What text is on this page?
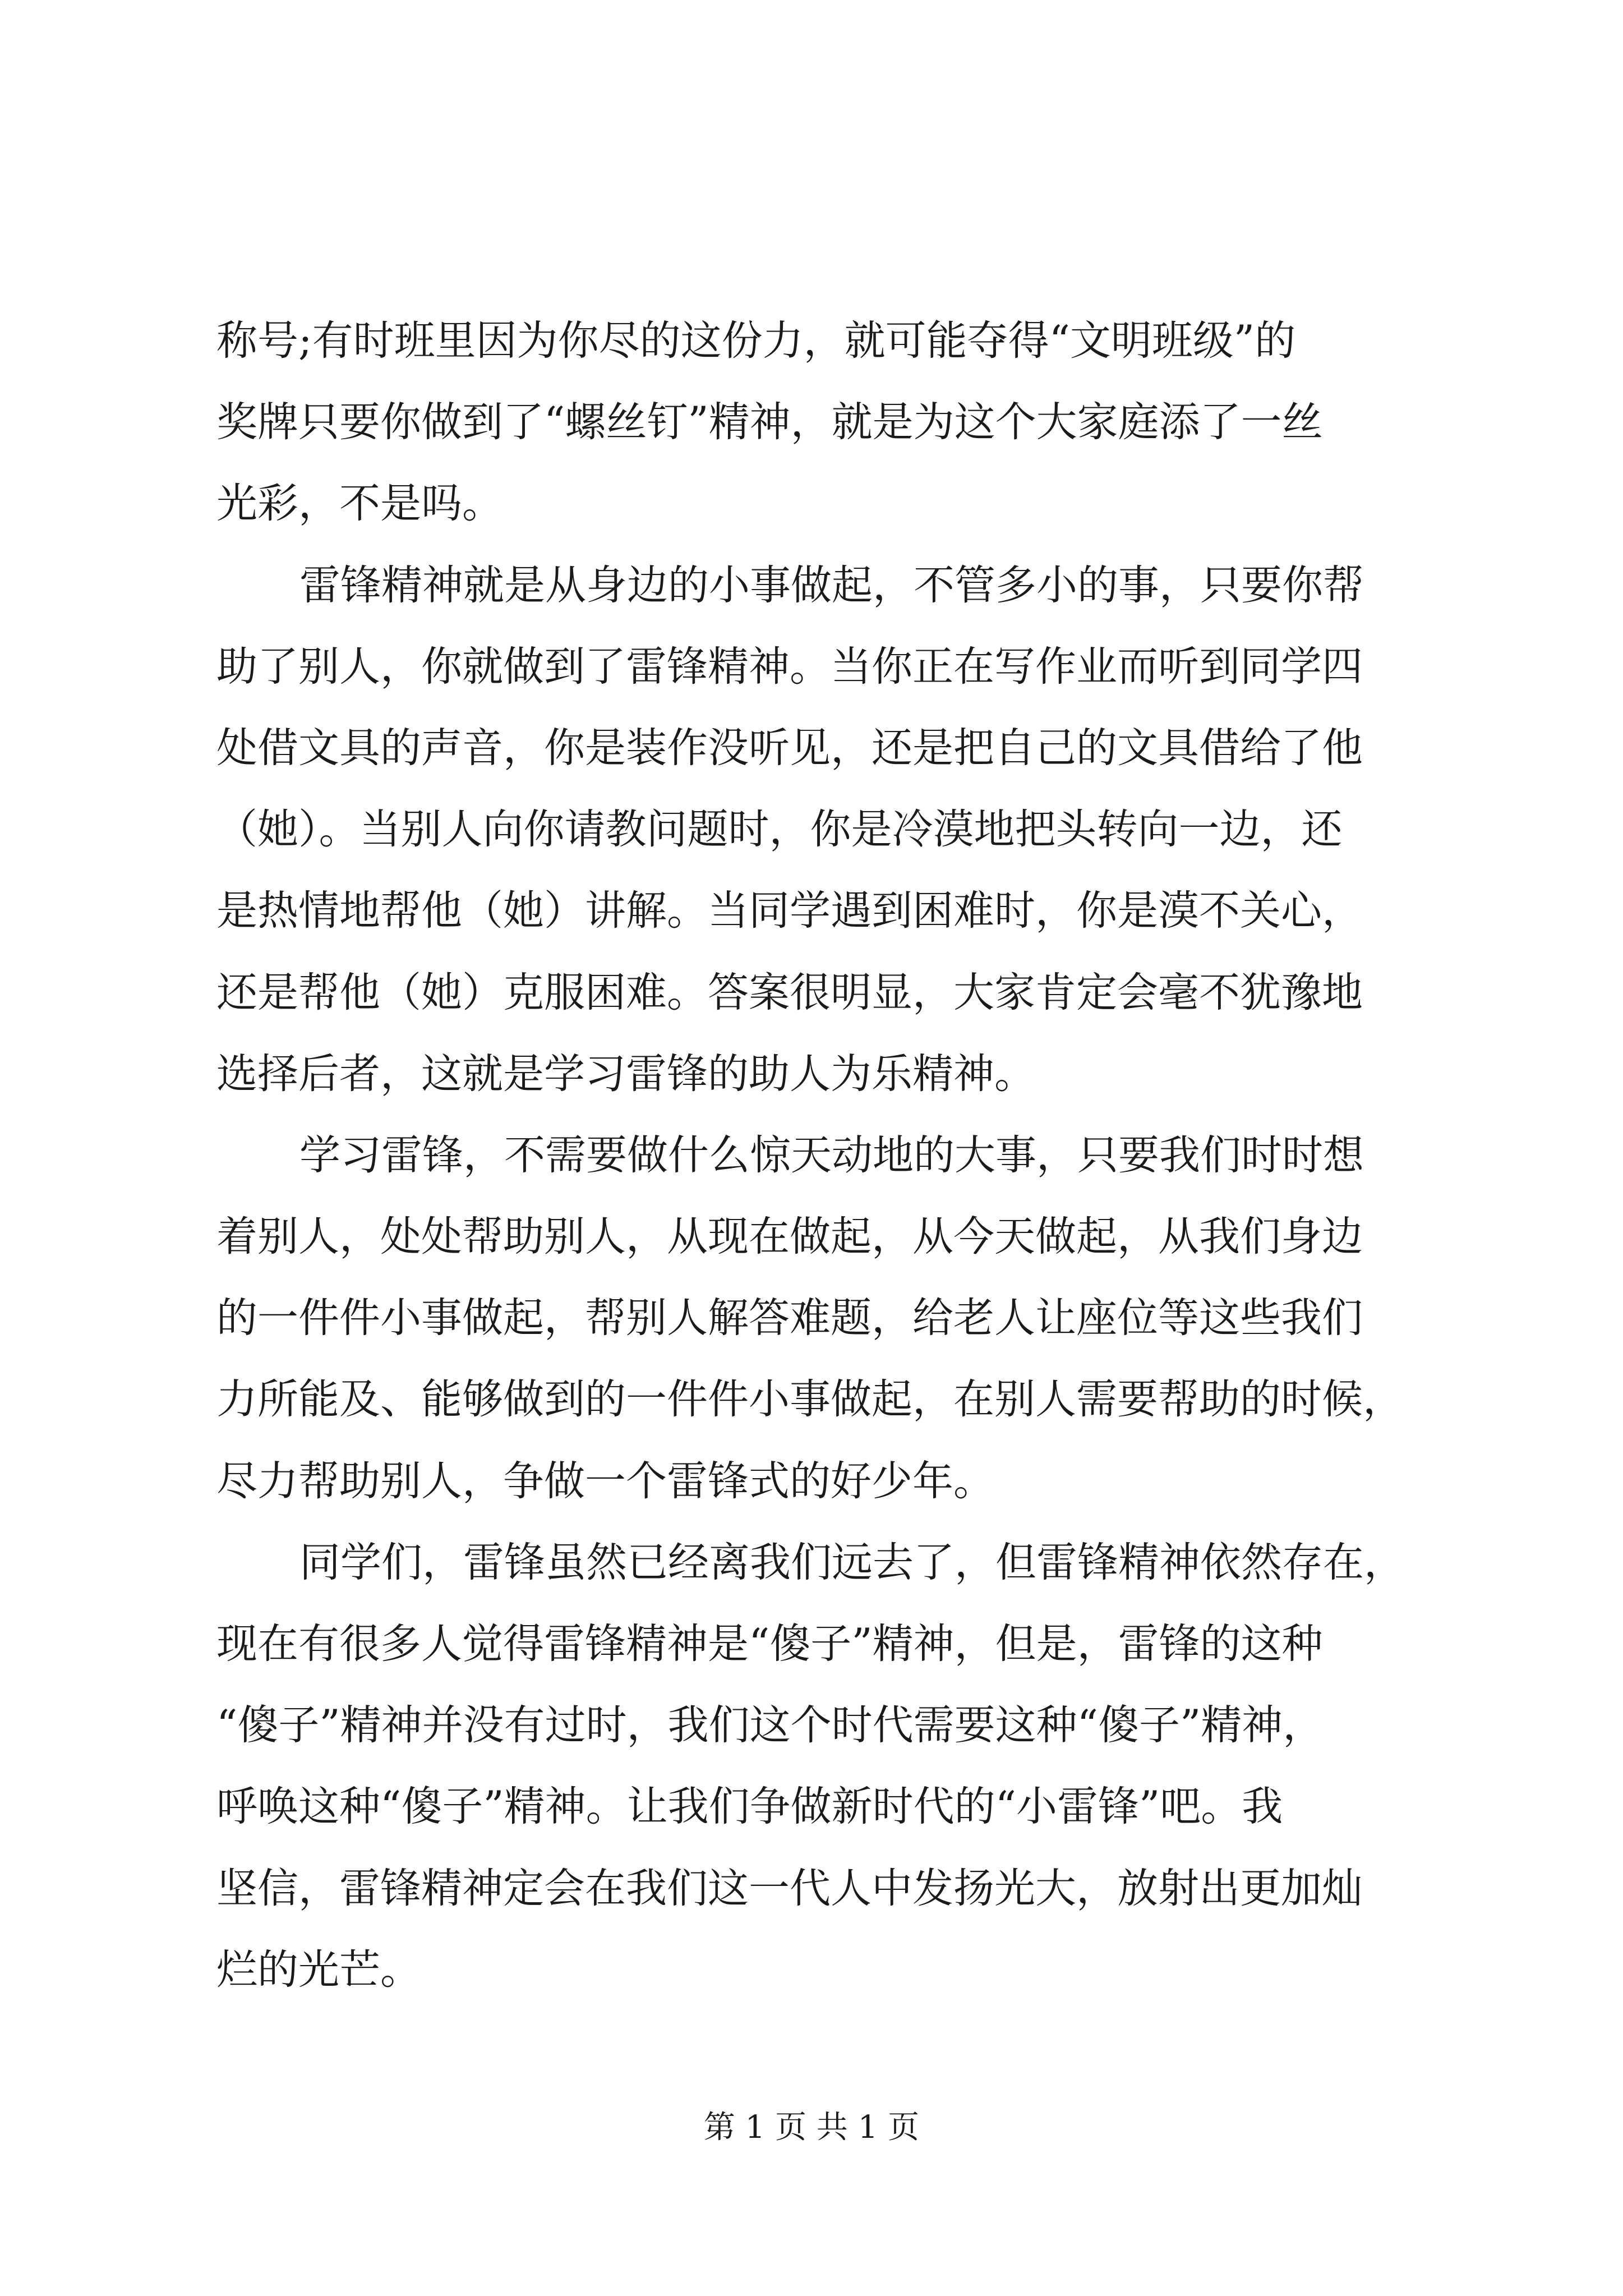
称号;有时班里因为你尽的这份力，就可能夺得“文明班级”的
奖牌只要你做到了“螺丝钉”精神，就是为这个大家庭添了一丝
光彩，不是吗。
雷锋精神就是从身边的小事做起，不管多小的事，只要你帮
助了别人，你就做到了雷锋精神。当你正在写作业而听到同学四
处借文具的声音，你是装作没听见，还是把自己的文具借给了他
（她）。当别人向你请教问题时，你是冷漠地把头转向一边，还
是热情地帮他（她）讲解。当同学遇到困难时，你是漠不关心，
还是帮他（她）克服困难。答案很明显，大家肯定会毫不犹豫地
选择后者，这就是学习雷锋的助人为乐精神。
学习雷锋，不需要做什么惊天动地的大事，只要我们时时想
着别人，处处帮助别人，从现在做起，从今天做起，从我们身边
的一件件小事做起，帮别人解答难题，给老人让座位等这些我们
力所能及、能够做到的一件件小事做起，在别人需要帮助的时候，
尽力帮助别人，争做一个雷锋式的好少年。
同学们，雷锋虽然已经离我们远去了，但雷锋精神依然存在，
现在有很多人觉得雷锋精神是“傻子”精神，但是，雷锋的这种
“傻子”精神并没有过时，我们这个时代需要这种“傻子”精神，
呼唤这种“傻子”精神。让我们争做新时代的“小雷锋”吧。我
坚信，雷锋精神定会在我们这一代人中发扬光大，放射出更加灿
烂的光芒。
第 1 页 共 1 页
